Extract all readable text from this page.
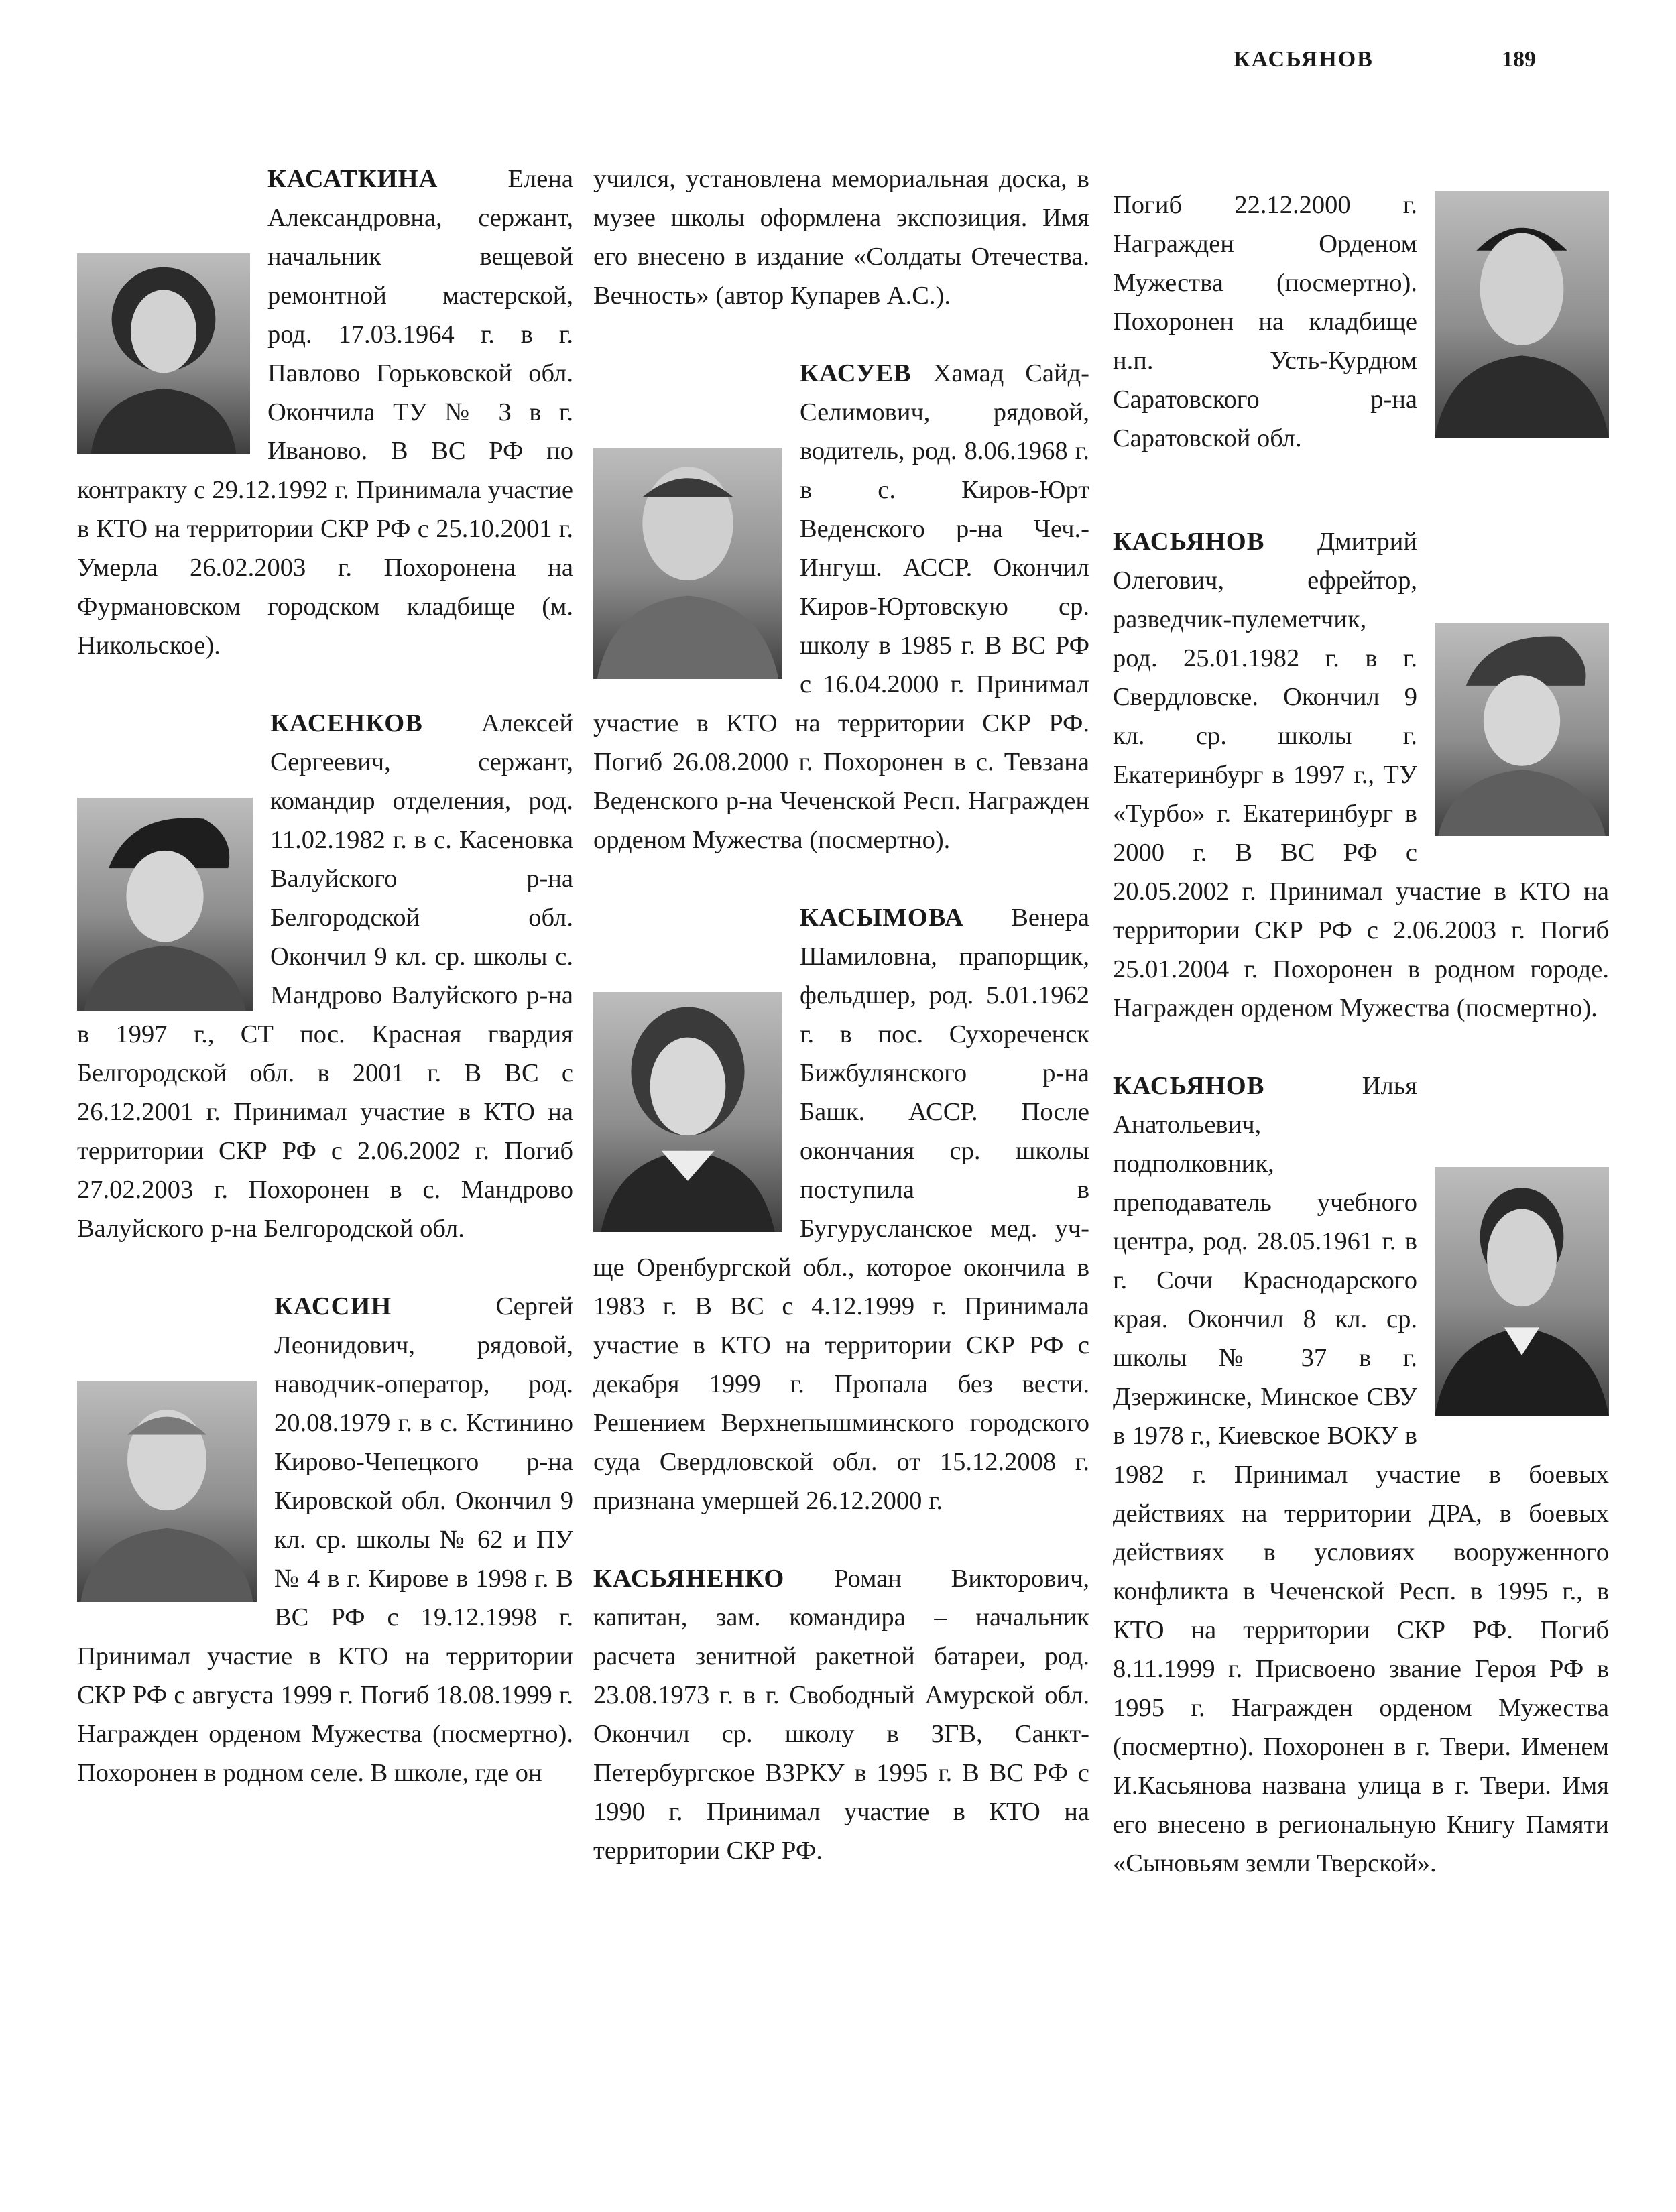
КАСЬЯНОВ	189

КАСАТКИНА Елена Александровна, сержант, начальник вещевой ремонтной мастерской, род. 17.03.1964 г. в г. Павлово Горьковской обл. Окончила ТУ № 3 в г. Иваново. В ВС РФ по контракту с 29.12.1992 г. Принимала участие в КТО на территории СКР РФ с 25.10.2001 г. Умерла 26.02.2003 г. Похоронена на Фурмановском городском кладбище (м. Никольское).

КАСЕНКОВ Алексей Сергеевич, сержант, командир отделения, род. 11.02.1982 г. в с. Касеновка Валуйского р-на Белгородской обл. Окончил 9 кл. ср. школы с. Мандрово Валуйского р-на в 1997 г., СТ пос. Красная гвардия Белгородской обл. в 2001 г. В ВС с 26.12.2001 г. Принимал участие в КТО на территории СКР РФ с 2.06.2002 г. Погиб 27.02.2003 г. Похоронен в с. Мандрово Валуйского р-на Белгородской обл.

КАССИН Сергей Леонидович, рядовой, наводчик-оператор, род. 20.08.1979 г. в с. Кстинино Кирово-Чепецкого р-на Кировской обл. Окончил 9 кл. ср. школы № 62 и ПУ № 4 в г. Кирове в 1998 г. В ВС РФ с 19.12.1998 г. Принимал участие в КТО на территории СКР РФ с августа 1999 г. Погиб 18.08.1999 г. Награжден орденом Мужества (посмертно). Похоронен в родном селе. В школе, где он

учился, установлена мемориальная доска, в музее школы оформлена экспозиция. Имя его внесено в издание «Солдаты Отечества. Вечность» (автор Купарев А.С.).

КАСУЕВ Хамад Сайд-Селимович, рядовой, водитель, род. 8.06.1968 г. в с. Киров-Юрт Веденского р-на Чеч.-Ингуш. АССР. Окончил Киров-Юртовскую ср. школу в 1985 г. В ВС РФ с 16.04.2000 г. Принимал участие в КТО на территории СКР РФ. Погиб 26.08.2000 г. Похоронен в с. Тевзана Веденского р-на Чеченской Респ. Награжден орденом Мужества (посмертно).

КАСЫМОВА Венера Шамиловна, прапорщик, фельдшер, род. 5.01.1962 г. в пос. Сухореченск Бижбулянского р-на Башк. АССР. После окончания ср. школы поступила в Бугурусланское мед. уч-ще Оренбургской обл., которое окончила в 1983 г. В ВС с 4.12.1999 г. Принимала участие в КТО на территории СКР РФ с декабря 1999 г. Пропала без вести. Решением Верхнепышминского городского суда Свердловской обл. от 15.12.2008 г. признана умершей 26.12.2000 г.

КАСЬЯНЕНКО Роман Викторович, капитан, зам. командира – начальник расчета зенитной ракетной батареи, род. 23.08.1973 г. в г. Свободный Амурской обл. Окончил ср. школу в ЗГВ, Санкт-Петербургское ВЗРКУ в 1995 г. В ВС РФ с 1990 г. Принимал участие в КТО на территории СКР РФ.

Погиб 22.12.2000 г. Награжден Орденом Мужества (посмертно). Похоронен на кладбище н.п. Усть-Курдюм Саратовского р-на Саратовской обл.

КАСЬЯНОВ Дмитрий Олегович, ефрейтор, разведчик-пулеметчик, род. 25.01.1982 г. в г. Свердловске. Окончил 9 кл. ср. школы г. Екатеринбург в 1997 г., ТУ «Турбо» г. Екатеринбург в 2000 г. В ВС РФ с 20.05.2002 г. Принимал участие в КТО на территории СКР РФ с 2.06.2003 г. Погиб 25.01.2004 г. Похоронен в родном городе. Награжден орденом Мужества (посмертно).

КАСЬЯНОВ Илья Анатольевич, подполковник, преподаватель учебного центра, род. 28.05.1961 г. в г. Сочи Краснодарского края. Окончил 8 кл. ср. школы № 37 в г. Дзержинске, Минское СВУ в 1978 г., Киевское ВОКУ в 1982 г. Принимал участие в боевых действиях на территории ДРА, в боевых действиях в условиях вооруженного конфликта в Чеченской Респ. в 1995 г., в КТО на территории СКР РФ. Погиб 8.11.1999 г. Присвоено звание Героя РФ в 1995 г. Награжден орденом Мужества (посмертно). Похоронен в г. Твери. Именем И.Касьянова названа улица в г. Твери. Имя его внесено в региональную Книгу Памяти «Сыновьям земли Тверской».
